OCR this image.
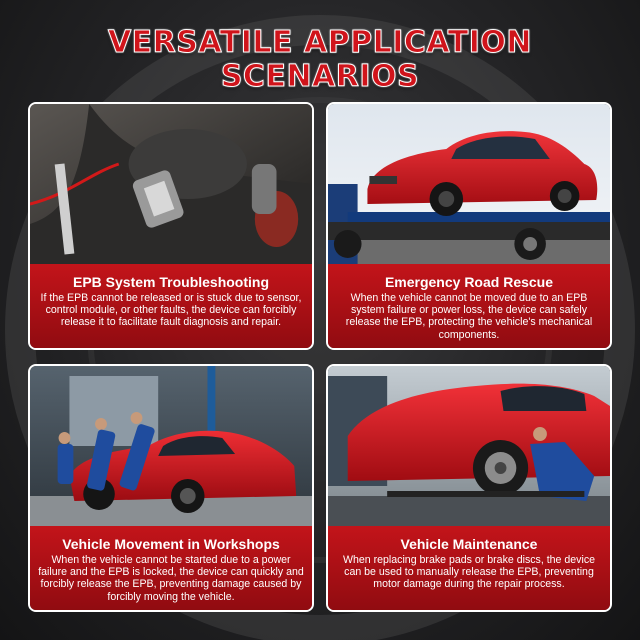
VERSATILE APPLICATION
SCENARIOS
EPB System Troubleshooting

If the EPB cannot be released or is stuck due to sensor, control module, or other faults, the device can forcibly release it to facilitate fault diagnosis and repair.

Emergency Road Rescue

When the vehicle cannot be moved due to an EPB system failure or power loss, the device can safely release the EPB, protecting the vehicle's mechanical components.

Vehicle Movement in Workshops

When the vehicle cannot be started due to a power failure and the EPB is locked, the device can quickly and forcibly release the EPB, preventing damage caused by forcibly moving the vehicle.

Vehicle Maintenance

When replacing brake pads or brake discs, the device can be used to manually release the EPB, preventing motor damage during the repair process.
